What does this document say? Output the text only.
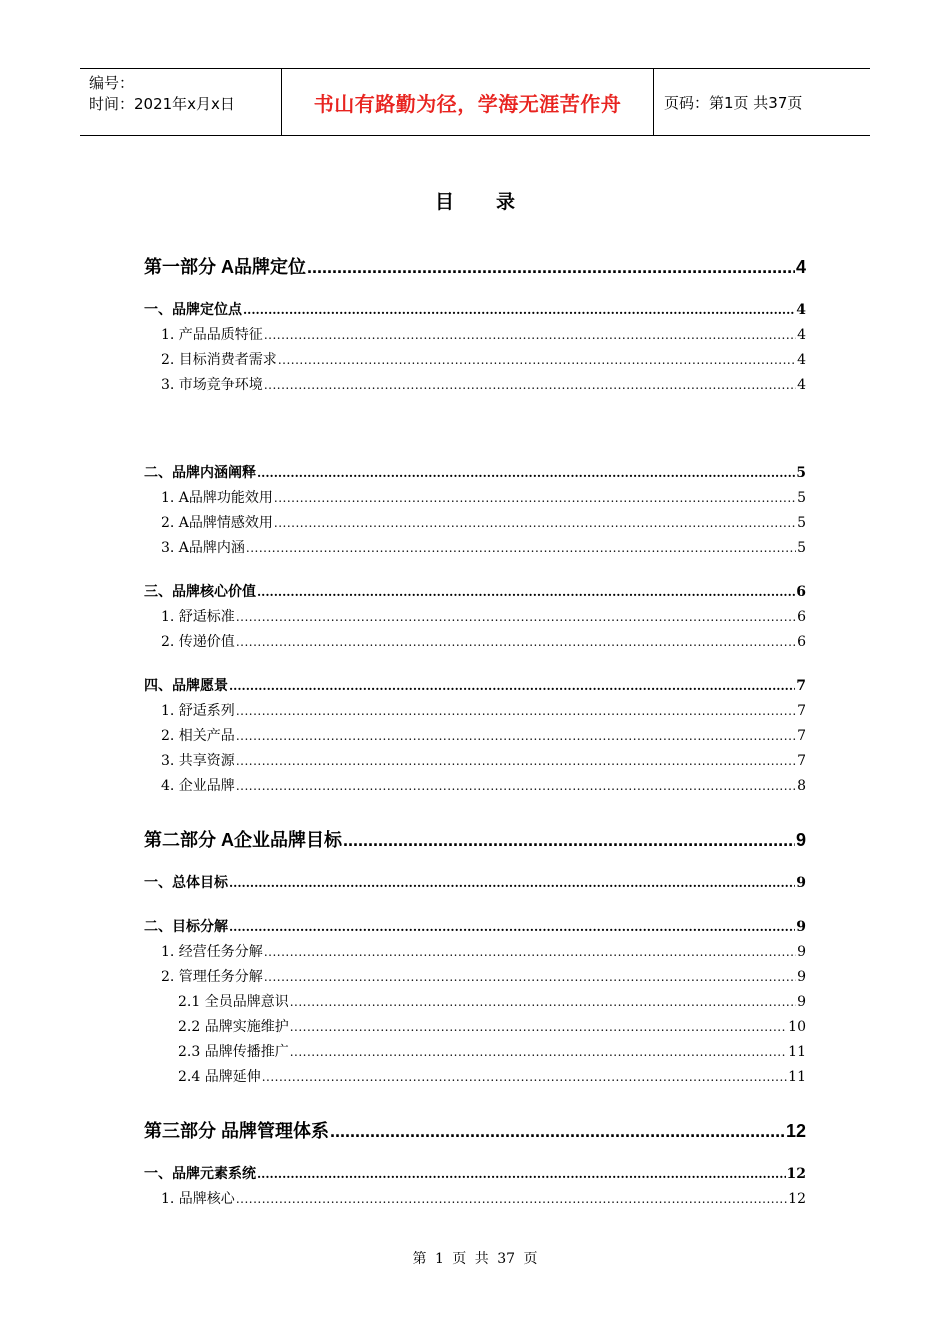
编号：
时间：2021年x月x日	书山有路勤为径，学海无涯苦作舟	页码：第1页 共37页
目录
第一部分 A品牌定位 .....	4
一、品牌定位点 .....	4
1. 产品品质特征 .....	4
2. 目标消费者需求 .....	4
3. 市场竞争环境 .....	4
二、品牌内涵阐释 .....	5
1. A品牌功能效用 .....	5
2. A品牌情感效用 .....	5
3. A品牌内涵 .....	5
三、品牌核心价值 .....	6
1. 舒适标准 .....	6
2. 传递价值 .....	6
四、品牌愿景 .....	7
1. 舒适系列 .....	7
2. 相关产品 .....	7
3. 共享资源 .....	7
4. 企业品牌 .....	8
第二部分 A企业品牌目标 .....	9
一、总体目标 .....	9
二、目标分解 .....	9
1. 经营任务分解 .....	9
2. 管理任务分解 .....	9
2.1 全员品牌意识 .....	9
2.2 品牌实施维护 .....	10
2.3 品牌传播推广 .....	11
2.4 品牌延伸 .....	11
第三部分 品牌管理体系 .....	12
一、品牌元素系统 .....	12
1. 品牌核心 .....	12
第 1 页 共 37 页
